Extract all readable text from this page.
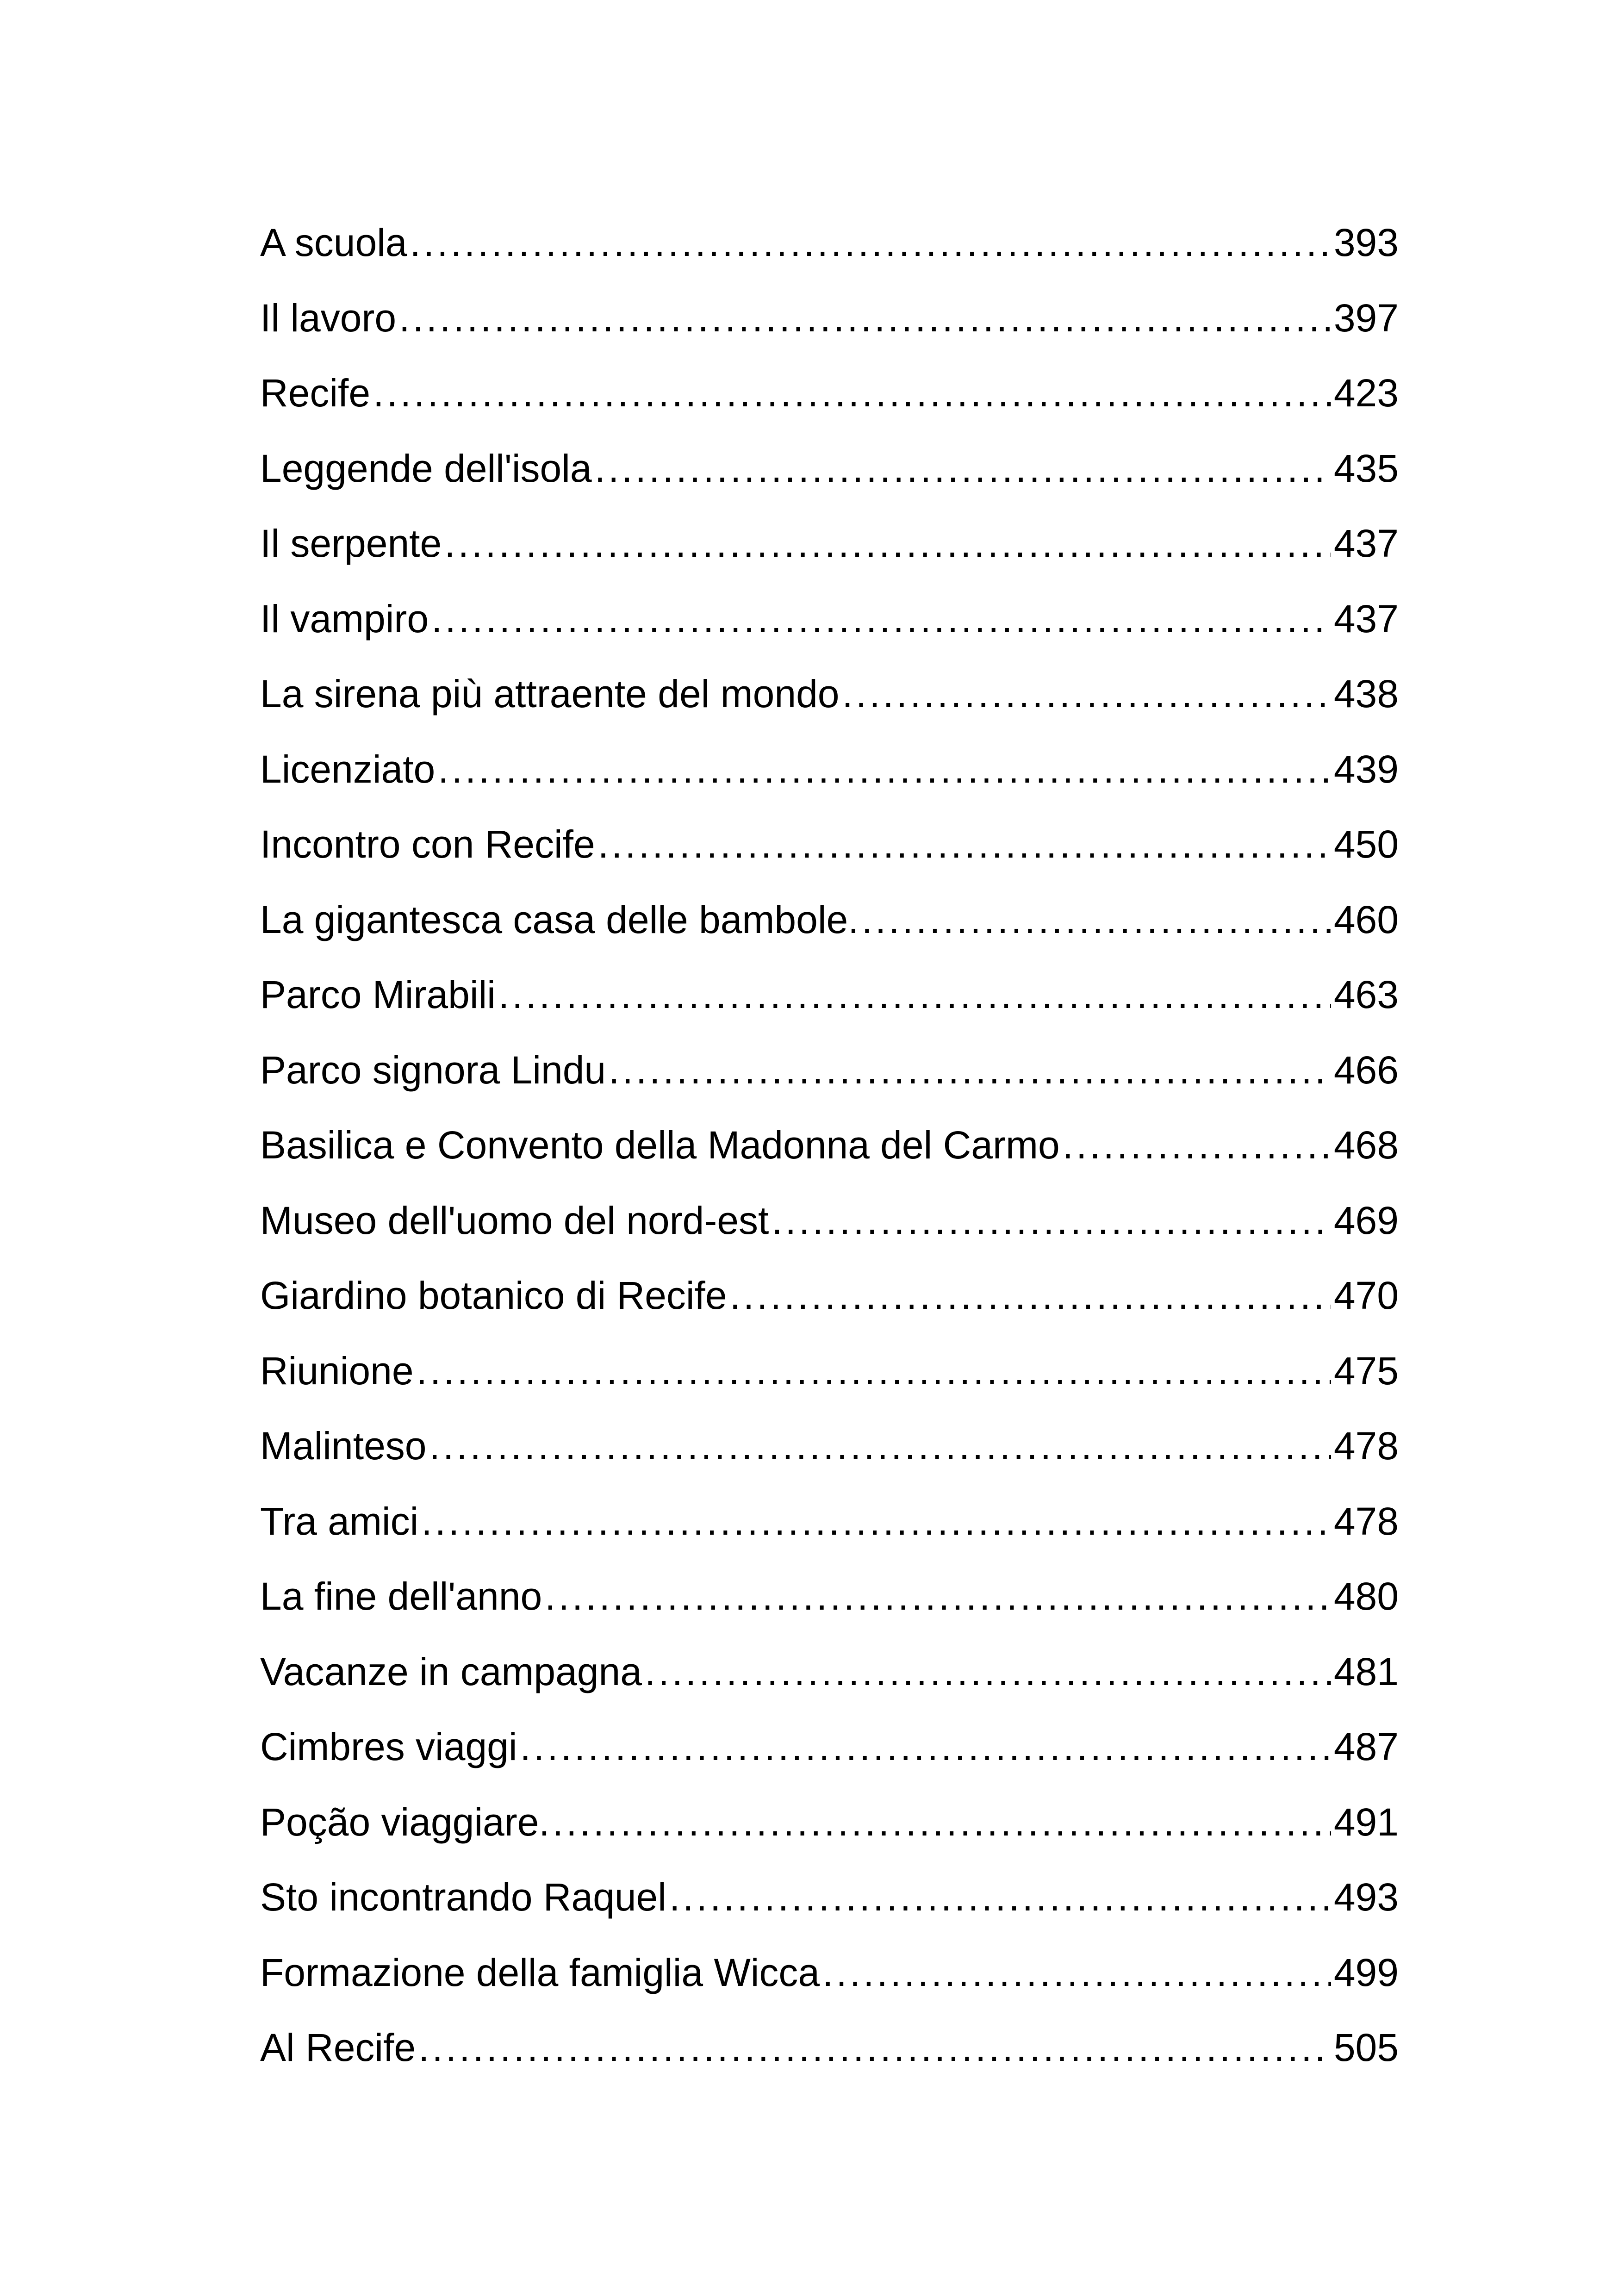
A scuola .....	393
Il lavoro .....	397
Recife .....	423
Leggende dell'isola .....	435
Il serpente .....	437
Il vampiro .....	437
La sirena più attraente del mondo .....	438
Licenziato .....	439
Incontro con Recife .....	450
La gigantesca casa delle bambole. .....	460
Parco Mirabili .....	463
Parco signora Lindu .....	466
Basilica e Convento della Madonna del Carmo .....	468
Museo dell'uomo del nord-est .....	469
Giardino botanico di Recife .....	470
Riunione .....	475
Malinteso .....	478
Tra amici .....	478
La fine dell'anno .....	480
Vacanze in campagna .....	481
Cimbres viaggi .....	487
Poção viaggiare. .....	491
Sto incontrando Raquel .....	493
Formazione della famiglia Wicca .....	499
Al Recife .....	505
